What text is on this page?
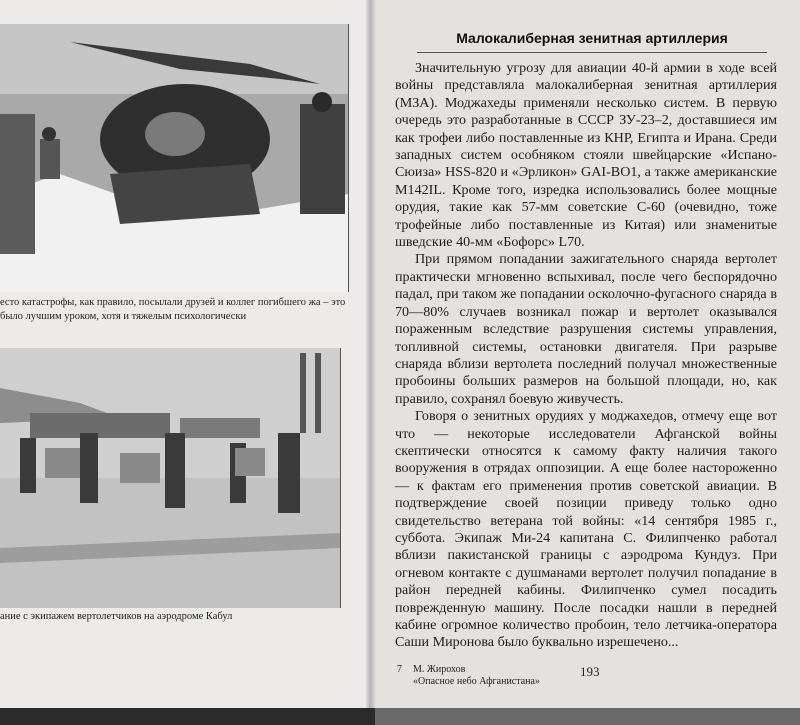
есто катастрофы, как правило, посылали друзей и коллег погибшего жа – это было лучшим уроком, хотя и тяжелым психологически
ание с экипажем вертолетчиков на аэродроме Кабул
Малокалиберная зенитная артиллерия

Значительную угрозу для авиации 40-й армии в ходе всей войны представляла малокалиберная зенитная артиллерия (МЗА). Моджахеды применяли несколько систем. В первую очередь это разработанные в СССР ЗУ-23–2, доставшиеся им как трофеи либо поставленные из КНР, Египта и Ирана. Среди западных систем особняком стояли швейцарские «Испано-Сюиза» HSS-820 и «Эрликон» GAI-BO1, а также американские M142IL. Кроме того, изредка использовались более мощные орудия, такие как 57-мм советские С-60 (очевидно, тоже трофейные либо поставленные из Китая) или знаменитые шведские 40-мм «Бофорс» L70.

При прямом попадании зажигательного снаряда вертолет практически мгновенно вспыхивал, после чего беспорядочно падал, при таком же попадании осколочно-фугасного снаряда в 70—80% случаев возникал пожар и вертолет оказывался пораженным вследствие разрушения системы управления, топливной системы, остановки двигателя. При разрыве снаряда вблизи вертолета последний получал множественные пробоины больших размеров на большой площади, но, как правило, сохранял боевую живучесть.

Говоря о зенитных орудиях у моджахедов, отмечу еще вот что — некоторые исследователи Афганской войны скептически относятся к самому факту наличия такого вооружения в отрядах оппозиции. А еще более настороженно — к фактам его применения против советской авиации. В подтверждение своей позиции приведу только одно свидетельство ветерана той войны: «14 сентября 1985 г., суббота. Экипаж Ми-24 капитана С. Филипченко работал вблизи пакистанской границы с аэродрома Кундуз. При огневом контакте с душманами вертолет получил попадание в район передней кабины. Филипченко сумел посадить поврежденную машину. После посадки нашли в передней кабине огромное количество пробоин, тело летчика-оператора Саши Миронова было буквально изрешечено...

7	М. Жирохов
«Опасное небо Афганистана»
193
